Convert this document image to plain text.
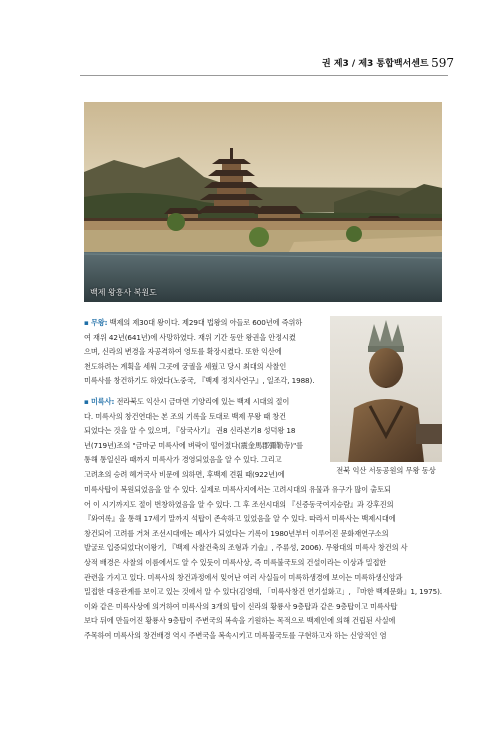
권 제3 / 제3 통합백서센트 597
백제 왕흥사 복원도
전북 익산 서동공원의 무왕 동상
▪ 무왕: 백제의 제30대 왕이다. 제29대 법왕의 아들로 600년에 즉위하
여 재위 42년(641년)에 사망하였다. 재위 기간 동안 왕권을 안정시켰
으며, 신라의 변경을 자공격하여 영토를 확장시켰다. 또한 익산에
천도하려는 계획을 세워 그곳에 궁궐을 세웠고 당시 최대의 사찰인
미륵사를 창건하기도 하였다(노중국, 『백제 정치사연구』, 일조각, 1988).
▪ 미륵사: 전라북도 익산시 금마면 기양리에 있는 백제 시대의 절이
다. 미륵사의 창건연대는 본 조의 기록을 토대로 백제 무왕 때 창건
되었다는 것을 알 수 있으며, 『삼국사기』 권8 신라본기8 성덕왕 18
년(719년)조의 "금마군 미륵사에 벼락이 떨어졌다(震金馬郡彌勒寺)"를
통해 통일신라 때까지 미륵사가 경영되었음을 알 수 있다. 그리고
고려초의 승려 혜거국사 비문에 의하면, 후백제 견훤 때(922년)에
미륵사탑이 복원되었음을 알 수 있다. 실제로 미륵사지에서는 고려시대의 유물과 유구가 많이 출토되
어 이 시기까지도 절이 번창하였음을 알 수 있다. 그 후 조선시대의 『신증동국여지승람』과 강후진의
『와여록』을 통해 17세기 말까지 석탑이 존속하고 있었음을 알 수 있다. 따라서 미륵사는 백제시대에
창건되어 고려를 거쳐 조선시대에는 폐사가 되었다는 기록이 1980년부터 이루어진 문화재연구소의
발굴로 입증되었다(이왕기, 『백제 사찰건축의 조형과 기술』, 주류성, 2006). 무왕대의 미륵사 창건의 사
상적 배경은 사찰의 이름에서도 알 수 있듯이 미륵사상, 즉 미륵불국토의 건설이라는 이상과 밀접한
관련을 가지고 있다. 미륵사의 창건과정에서 잊어난 여러 사실들이 미륵하생경에 보이는 미륵하생신앙과
밀접한 대응관계를 보이고 있는 것에서 알 수 있다(김영태, 「미륵사창건 연기설화고」, 『마한 백제문화』1, 1975).
이와 같은 미륵사상에 의거하여 미륵사의 3개의 탑이 신라의 황룡사 9층탑과 같은 9층탑이고 미륵사탑
보다 뒤에 만들어진 황룡사 9층탑이 주변국의 복속을 기원하는 목적으로 백제인에 의해 건립된 사실에
주목하여 미륵사의 창건배경 역시 주변국을 복속시키고 미륵불국토를 구현하고자 하는 신앙적인 염
